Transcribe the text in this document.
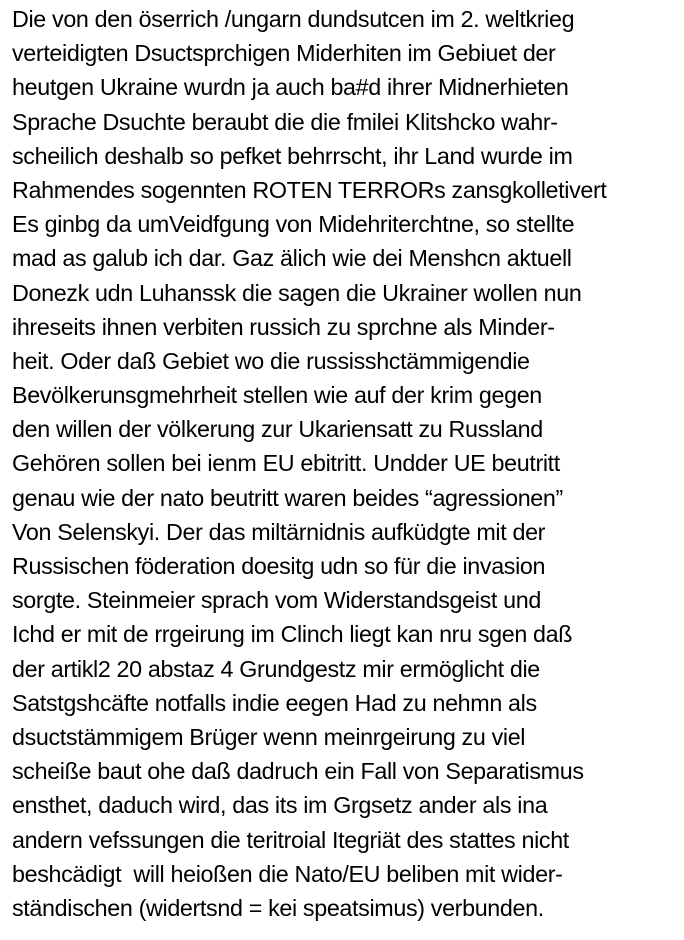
Die von den öserrich /ungarn dundsutcen im 2. weltkrieg
verteidigten Dsuctsprchigen Miderhiten im Gebiuet der
heutgen Ukraine wurdn ja auch ba#d ihrer Midnerhieten
Sprache Dsuchte beraubt die die fmilei Klitshcko wahr-
scheilich deshalb so pefket behrrscht, ihr Land wurde im
Rahmendes sogennten ROTEN TERRORs zansgkolletivert
Es ginbg da umVeidfgung von Midehriterchtne, so stellte
mad as galub ich dar. Gaz älich wie dei Menshcn aktuell
Donezk udn Luhanssk die sagen die Ukrainer wollen nun
ihreseits ihnen verbiten russich zu sprchne als Minder-
heit. Oder daß Gebiet wo die russisshctämmigendie
Bevölkerunsgmehrheit stellen wie auf der krim gegen
den willen der völkerung zur Ukariensatt zu Russland
Gehören sollen bei ienm EU ebitritt. Undder UE beutritt
genau wie der nato beutritt waren beides “agressionen”
Von Selenskyi. Der das miltärnidnis aufküdgte mit der
Russischen föderation doesitg udn so für die invasion
sorgte. Steinmeier sprach vom Widerstandsgeist und
Ichd er mit de rrgeirung im Clinch liegt kan nru sgen daß
der artikl2 20 abstaz 4 Grundgestz mir ermöglicht die
Satstgshcäfte notfalls indie eegen Had zu nehmn als
dsuctstämmigem Brüger wenn meinrgeirung zu viel
scheiße baut ohe daß dadruch ein Fall von Separatismus
ensthet, daduch wird, das its im Grgsetz ander als ina
andern vefssungen die teritroial Itegriät des stattes nicht
beshcädigt  will heioßen die Nato/EU beliben mit wider-
ständischen (widertsnd = kei speatsimus) verbunden.
